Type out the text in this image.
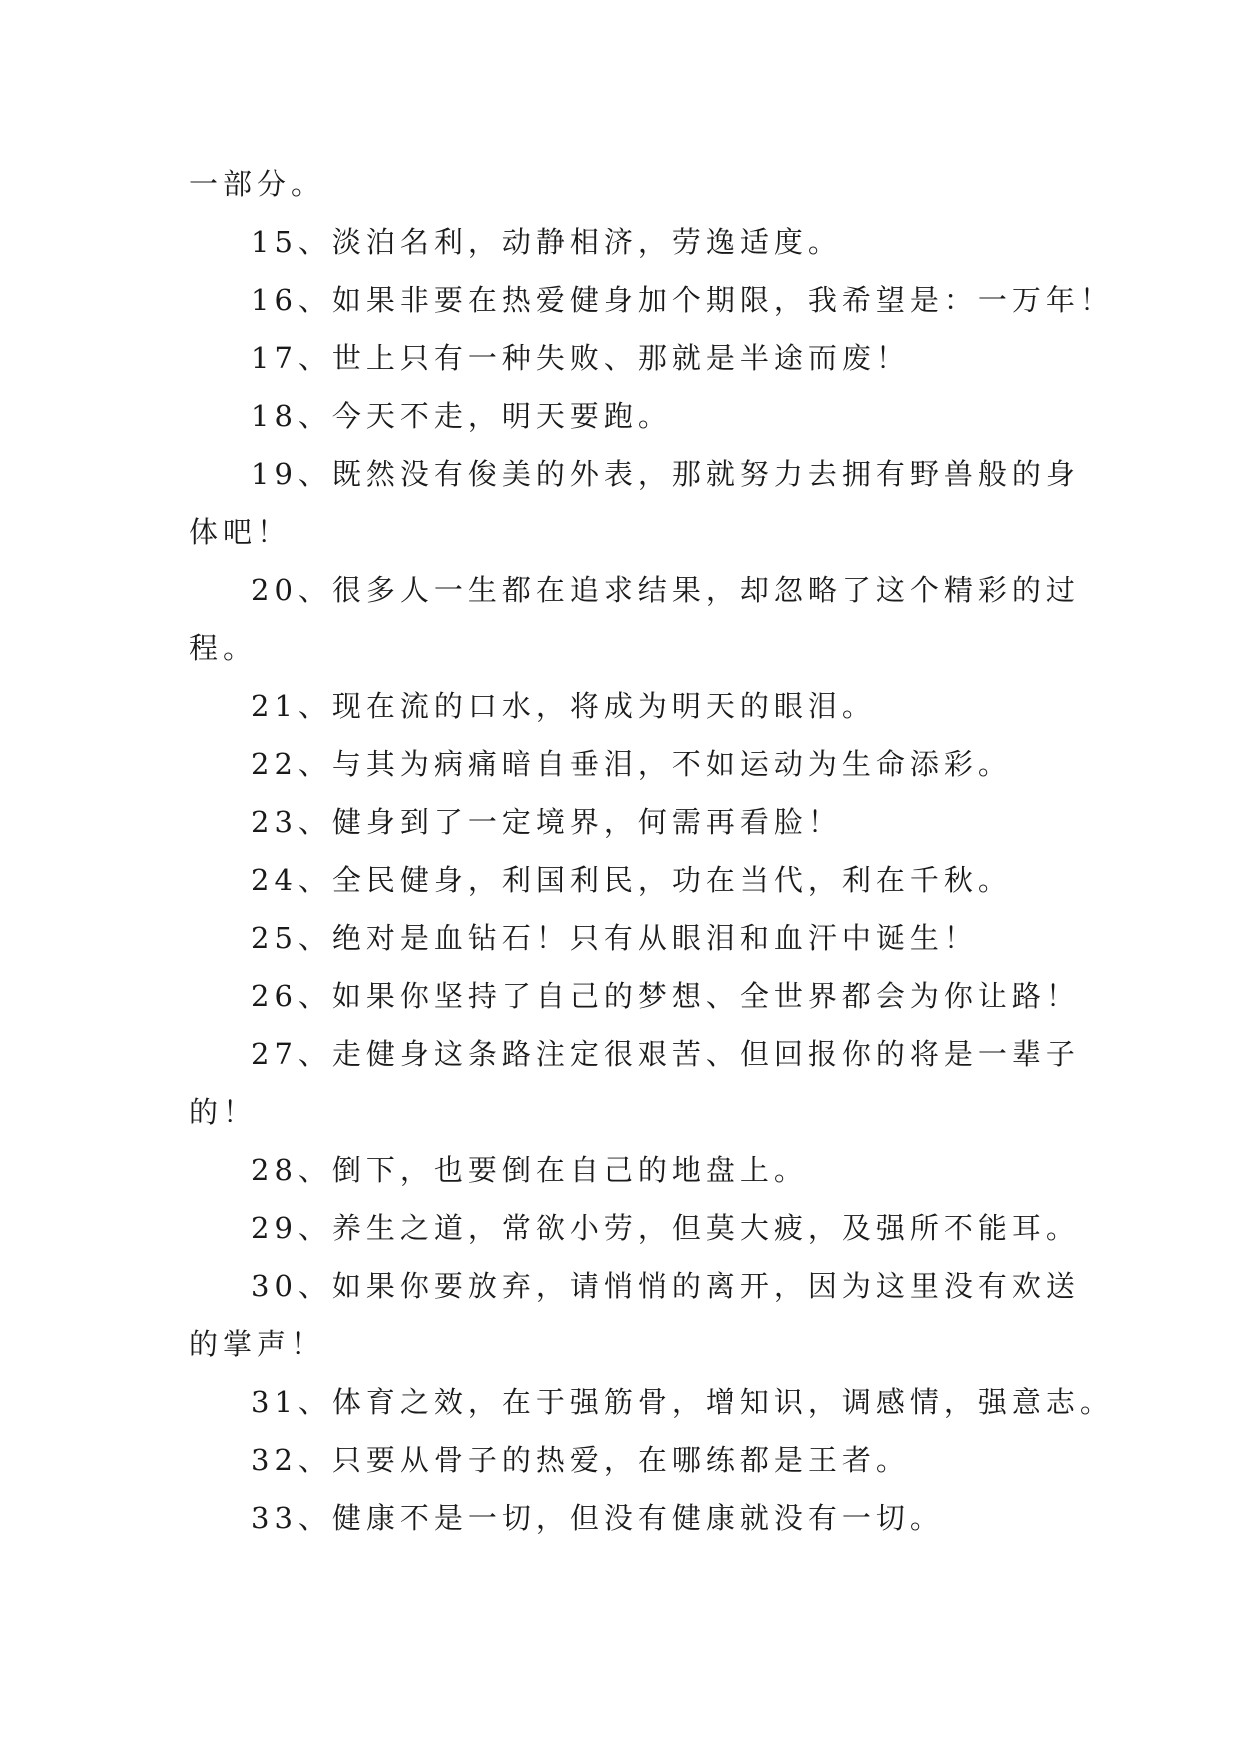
一部分。
15、淡泊名利，动静相济，劳逸适度。
16、如果非要在热爱健身加个期限，我希望是：一万年！
17、世上只有一种失败、那就是半途而废！
18、今天不走，明天要跑。
19、既然没有俊美的外表，那就努力去拥有野兽般的身
体吧！
20、很多人一生都在追求结果，却忽略了这个精彩的过
程。
21、现在流的口水，将成为明天的眼泪。
22、与其为病痛暗自垂泪，不如运动为生命添彩。
23、健身到了一定境界，何需再看脸！
24、全民健身，利国利民，功在当代，利在千秋。
25、绝对是血钻石！只有从眼泪和血汗中诞生！
26、如果你坚持了自己的梦想、全世界都会为你让路！
27、走健身这条路注定很艰苦、但回报你的将是一辈子
的！
28、倒下，也要倒在自己的地盘上。
29、养生之道，常欲小劳，但莫大疲，及强所不能耳。
30、如果你要放弃，请悄悄的离开，因为这里没有欢送
的掌声！
31、体育之效，在于强筋骨，增知识，调感情，强意志。
32、只要从骨子的热爱，在哪练都是王者。
33、健康不是一切，但没有健康就没有一切。
